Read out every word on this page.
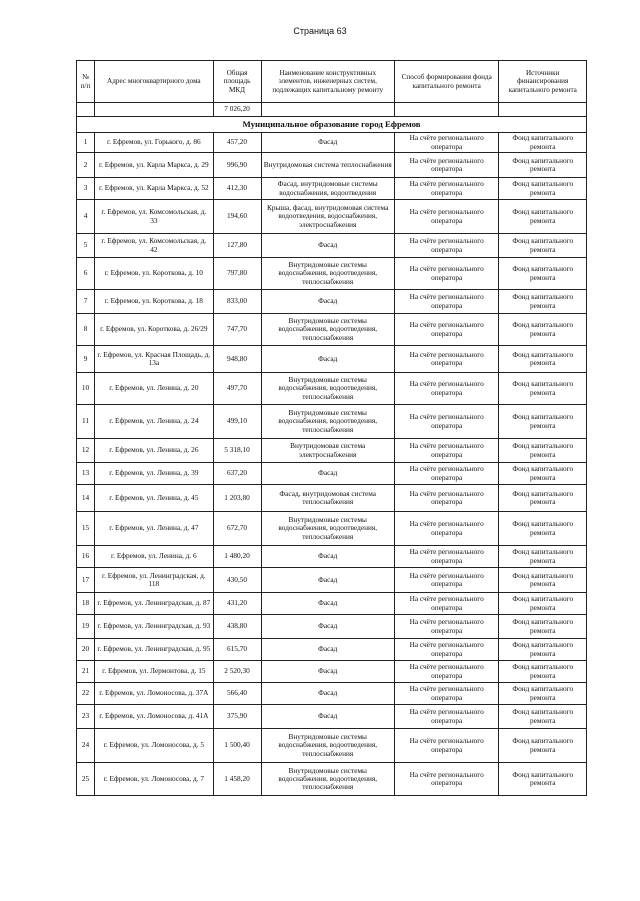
Страница 63
№ п/п	Адрес многоквартирного дома	Общая площадь МКД	Наименование конструктивных элементов, инженерных систем, подлежащих капитальному ремонту	Способ формирования фонда капитального ремонта	Источники финансирования капитального ремонта
		7 026,20			
Муниципальное образование город Ефремов					
1	г. Ефремов, ул. Горького, д. 86	457,20	Фасад	На счёте регионального оператора	Фонд капитального ремонта
2	г. Ефремов, ул. Карла Маркса, д. 29	996,90	Внутридомовая система теплоснабжения	На счёте регионального оператора	Фонд капитального ремонта
3	г. Ефремов, ул. Карла Маркса, д. 52	412,30	Фасад, внутридомовые системы водоснабжения, водоотведения	На счёте регионального оператора	Фонд капитального ремонта
4	г. Ефремов, ул. Комсомольская, д. 33	194,60	Крыша, фасад, внутридомовая система водоотведения, водоснабжения, электроснабжения	На счёте регионального оператора	Фонд капитального ремонта
5	г. Ефремов, ул. Комсомольская, д. 42	127,80	Фасад	На счёте регионального оператора	Фонд капитального ремонта
6	г. Ефремов, ул. Короткова, д. 10	797,80	Внутридомовые системы водоснабжения, водоотведения, теплоснабжения	На счёте регионального оператора	Фонд капитального ремонта
7	г. Ефремов, ул. Короткова, д. 18	833,00	Фасад	На счёте регионального оператора	Фонд капитального ремонта
8	г. Ефремов, ул. Короткова, д. 26/29	747,70	Внутридомовые системы водоснабжения, водоотведения, теплоснабжения	На счёте регионального оператора	Фонд капитального ремонта
9	г. Ефремов, ул. Красная Площадь, д. 13а	948,80	Фасад	На счёте регионального оператора	Фонд капитального ремонта
10	г. Ефремов, ул. Ленина, д. 20	497,70	Внутридомовые системы водоснабжения, водоотведения, теплоснабжения	На счёте регионального оператора	Фонд капитального ремонта
11	г. Ефремов, ул. Ленина, д. 24	499,10	Внутридомовые системы водоснабжения, водоотведения, теплоснабжения	На счёте регионального оператора	Фонд капитального ремонта
12	г. Ефремов, ул. Ленина, д. 26	5 318,10	Внутридомовая система электроснабжения	На счёте регионального оператора	Фонд капитального ремонта
13	г. Ефремов, ул. Ленина, д. 39	637,20	Фасад	На счёте регионального оператора	Фонд капитального ремонта
14	г. Ефремов, ул. Ленина, д. 45	1 203,80	Фасад, внутридомовая система теплоснабжения	На счёте регионального оператора	Фонд капитального ремонта
15	г. Ефремов, ул. Ленина, д. 47	672,70	Внутридомовые системы водоснабжения, водоотведения, теплоснабжения	На счёте регионального оператора	Фонд капитального ремонта
16	г. Ефремов, ул. Ленина, д. 6	1 480,20	Фасад	На счёте регионального оператора	Фонд капитального ремонта
17	г. Ефремов, ул. Ленинградская, д. 118	430,50	Фасад	На счёте регионального оператора	Фонд капитального ремонта
18	г. Ефремов, ул. Ленинградская, д. 87	431,20	Фасад	На счёте регионального оператора	Фонд капитального ремонта
19	г. Ефремов, ул. Ленинградская, д. 93	438,80	Фасад	На счёте регионального оператора	Фонд капитального ремонта
20	г. Ефремов, ул. Ленинградская, д. 95	615,70	Фасад	На счёте регионального оператора	Фонд капитального ремонта
21	г. Ефремов, ул. Лермонтова, д. 15	2 520,30	Фасад	На счёте регионального оператора	Фонд капитального ремонта
22	г. Ефремов, ул. Ломоносова, д. 37А	566,40	Фасад	На счёте регионального оператора	Фонд капитального ремонта
23	г. Ефремов, ул. Ломоносова, д. 41А	375,90	Фасад	На счёте регионального оператора	Фонд капитального ремонта
24	г. Ефремов, ул. Ломоносова, д. 5	1 500,40	Внутридомовые системы водоснабжения, водоотведения, теплоснабжения	На счёте регионального оператора	Фонд капитального ремонта
25	г. Ефремов, ул. Ломоносова, д. 7	1 458,20	Внутридомовые системы водоснабжения, водоотведения, теплоснабжения	На счёте регионального оператора	Фонд капитального ремонта
